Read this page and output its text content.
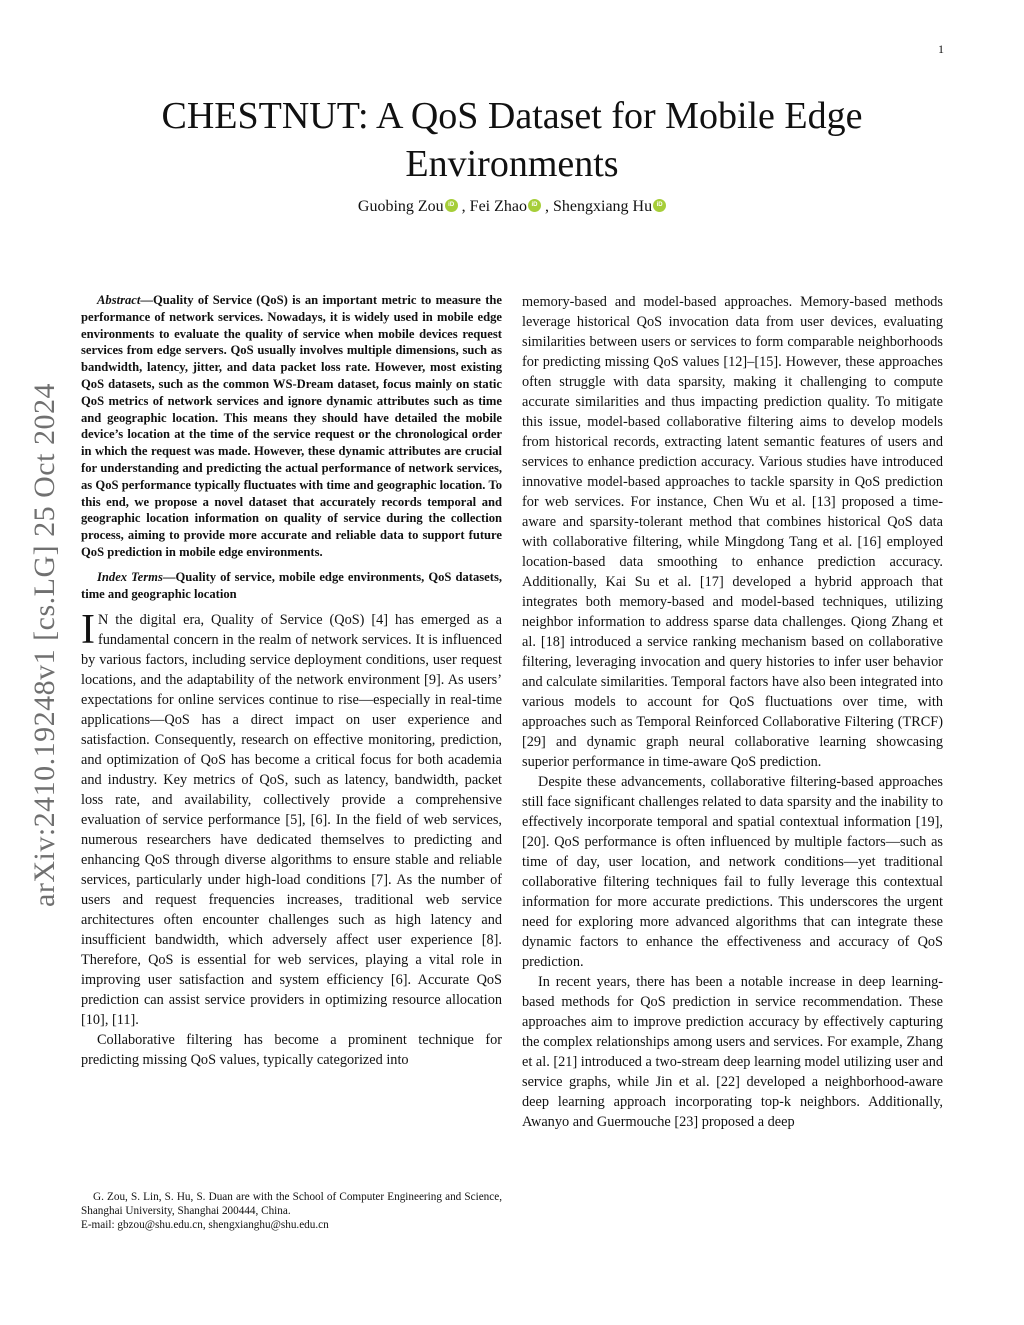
1
arXiv:2410.19248v1 [cs.LG] 25 Oct 2024
CHESTNUT: A QoS Dataset for Mobile Edge
Environments
Guobing Zou iD , Fei Zhao iD , Shengxiang Hu iD

Abstract—Quality of Service (QoS) is an important metric to measure the performance of network services. Nowadays, it is widely used in mobile edge environments to evaluate the quality of service when mobile devices request services from edge servers. QoS usually involves multiple dimensions, such as bandwidth, latency, jitter, and data packet loss rate. However, most existing QoS datasets, such as the common WS-Dream dataset, focus mainly on static QoS metrics of network services and ignore dynamic attributes such as time and geographic location. This means they should have detailed the mobile device’s location at the time of the service request or the chronological order in which the request was made. However, these dynamic attributes are crucial for understanding and predicting the actual performance of network services, as QoS performance typically fluctuates with time and geographic location. To this end, we propose a novel dataset that accurately records temporal and geographic location information on quality of service during the collection process, aiming to provide more accurate and reliable data to support future QoS prediction in mobile edge environments.

Index Terms—Quality of service, mobile edge environments, QoS datasets, time and geographic location

I N the digital era, Quality of Service (QoS) [4] has emerged as a fundamental concern in the realm of network services. It is influenced by various factors, including service deployment conditions, user request locations, and the adaptability of the network environment [9]. As users’ expectations for online services continue to rise—especially in real-time applications—QoS has a direct impact on user experience and satisfaction. Consequently, research on effective monitoring, prediction, and optimization of QoS has become a critical focus for both academia and industry. Key metrics of QoS, such as latency, bandwidth, packet loss rate, and availability, collectively provide a comprehensive evaluation of service performance [5], [6]. In the field of web services, numerous researchers have dedicated themselves to predicting and enhancing QoS through diverse algorithms to ensure stable and reliable services, particularly under high-load conditions [7]. As the number of users and request frequencies increases, traditional web service architectures often encounter challenges such as high latency and insufficient bandwidth, which adversely affect user experience [8]. Therefore, QoS is essential for web services, playing a vital role in improving user satisfaction and system efficiency [6]. Accurate QoS prediction can assist service providers in optimizing resource allocation [10], [11].

Collaborative filtering has become a prominent technique for predicting missing QoS values, typically categorized into

G. Zou, S. Lin, S. Hu, S. Duan are with the School of Computer Engineering and Science, Shanghai University, Shanghai 200444, China.

E-mail: gbzou@shu.edu.cn, shengxianghu@shu.edu.cn

memory-based and model-based approaches. Memory-based methods leverage historical QoS invocation data from user devices, evaluating similarities between users or services to form comparable neighborhoods for predicting missing QoS values [12]–[15]. However, these approaches often struggle with data sparsity, making it challenging to compute accurate similarities and thus impacting prediction quality. To mitigate this issue, model-based collaborative filtering aims to develop models from historical records, extracting latent semantic features of users and services to enhance prediction accuracy. Various studies have introduced innovative model-based approaches to tackle sparsity in QoS prediction for web services. For instance, Chen Wu et al. [13] proposed a time-aware and sparsity-tolerant method that combines historical QoS data with collaborative filtering, while Mingdong Tang et al. [16] employed location-based data smoothing to enhance prediction accuracy. Additionally, Kai Su et al. [17] developed a hybrid approach that integrates both memory-based and model-based techniques, utilizing neighbor information to address sparse data challenges. Qiong Zhang et al. [18] introduced a service ranking mechanism based on collaborative filtering, leveraging invocation and query histories to infer user behavior and calculate similarities. Temporal factors have also been integrated into various models to account for QoS fluctuations over time, with approaches such as Temporal Reinforced Collaborative Filtering (TRCF) [29] and dynamic graph neural collaborative learning showcasing superior performance in time-aware QoS prediction.

Despite these advancements, collaborative filtering-based approaches still face significant challenges related to data sparsity and the inability to effectively incorporate temporal and spatial contextual information [19], [20]. QoS performance is often influenced by multiple factors—such as time of day, user location, and network conditions—yet traditional collaborative filtering techniques fail to fully leverage this contextual information for more accurate predictions. This underscores the urgent need for exploring more advanced algorithms that can integrate these dynamic factors to enhance the effectiveness and accuracy of QoS prediction.

In recent years, there has been a notable increase in deep learning-based methods for QoS prediction in service recommendation. These approaches aim to improve prediction accuracy by effectively capturing the complex relationships among users and services. For example, Zhang et al. [21] introduced a two-stream deep learning model utilizing user and service graphs, while Jin et al. [22] developed a neighborhood-aware deep learning approach incorporating top-k neighbors. Additionally, Awanyo and Guermouche [23] proposed a deep
